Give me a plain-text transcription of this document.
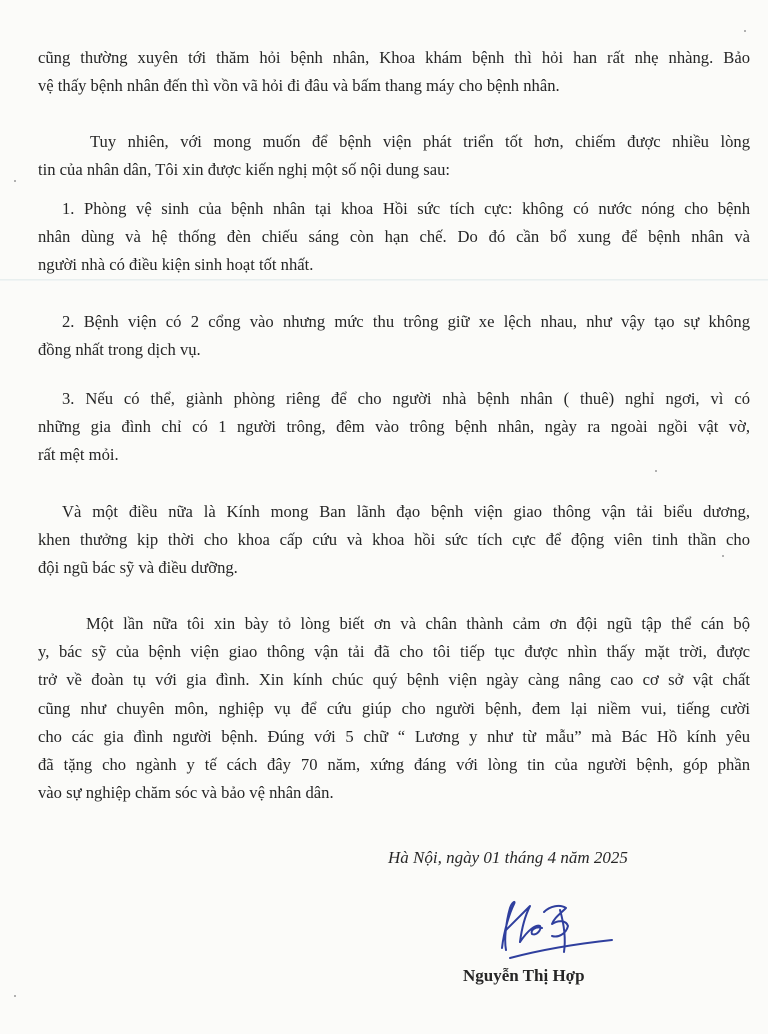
cũng thường xuyên tới thăm hỏi bệnh nhân, Khoa khám bệnh thì hỏi han rất nhẹ nhàng. Bảo
vệ thấy bệnh nhân đến thì vồn vã hỏi đi đâu và bấm thang máy cho bệnh nhân.

Tuy nhiên, với mong muốn để bệnh viện phát triển tốt hơn, chiếm được nhiều lòng
tin của nhân dân, Tôi xin được kiến nghị một số nội dung sau:

1. Phòng vệ sinh của bệnh nhân tại khoa Hồi sức tích cực: không có nước nóng cho bệnh
nhân dùng và hệ thống đèn chiếu sáng còn hạn chế. Do đó cần bổ xung để bệnh nhân và
người nhà có điều kiện sinh hoạt tốt nhất.

2. Bệnh viện có 2 cổng vào nhưng mức thu trông giữ xe lệch nhau, như vậy tạo sự không
đồng nhất trong dịch vụ.

3. Nếu có thể, giành phòng riêng để cho người nhà bệnh nhân ( thuê) nghỉ ngơi, vì có
những gia đình chỉ có 1 người trông, đêm vào trông bệnh nhân, ngày ra ngoài ngồi vật vờ,
rất mệt mỏi.

Và một điều nữa là Kính mong Ban lãnh đạo bệnh viện giao thông vận tải biểu dương,
khen thưởng kịp thời cho khoa cấp cứu và khoa hồi sức tích cực để động viên tinh thần cho
đội ngũ bác sỹ và điều dưỡng.

Một lần nữa tôi xin bày tỏ lòng biết ơn và chân thành cảm ơn đội ngũ tập thể cán bộ
y, bác sỹ của bệnh viện giao thông vận tải đã cho tôi tiếp tục được nhìn thấy mặt trời, được
trở về đoàn tụ với gia đình. Xin kính chúc quý bệnh viện ngày càng nâng cao cơ sở vật chất
cũng như chuyên môn, nghiệp vụ để cứu giúp cho người bệnh, đem lại niềm vui, tiếng cười
cho các gia đình người bệnh. Đúng với 5 chữ “ Lương y như từ mẫu” mà Bác Hồ kính yêu
đã tặng cho ngành y tế cách đây 70 năm, xứng đáng với lòng tin của người bệnh, góp phần
vào sự nghiệp chăm sóc và bảo vệ nhân dân.

Hà Nội, ngày 01 tháng 4 năm 2025
Nguyễn Thị Hợp
